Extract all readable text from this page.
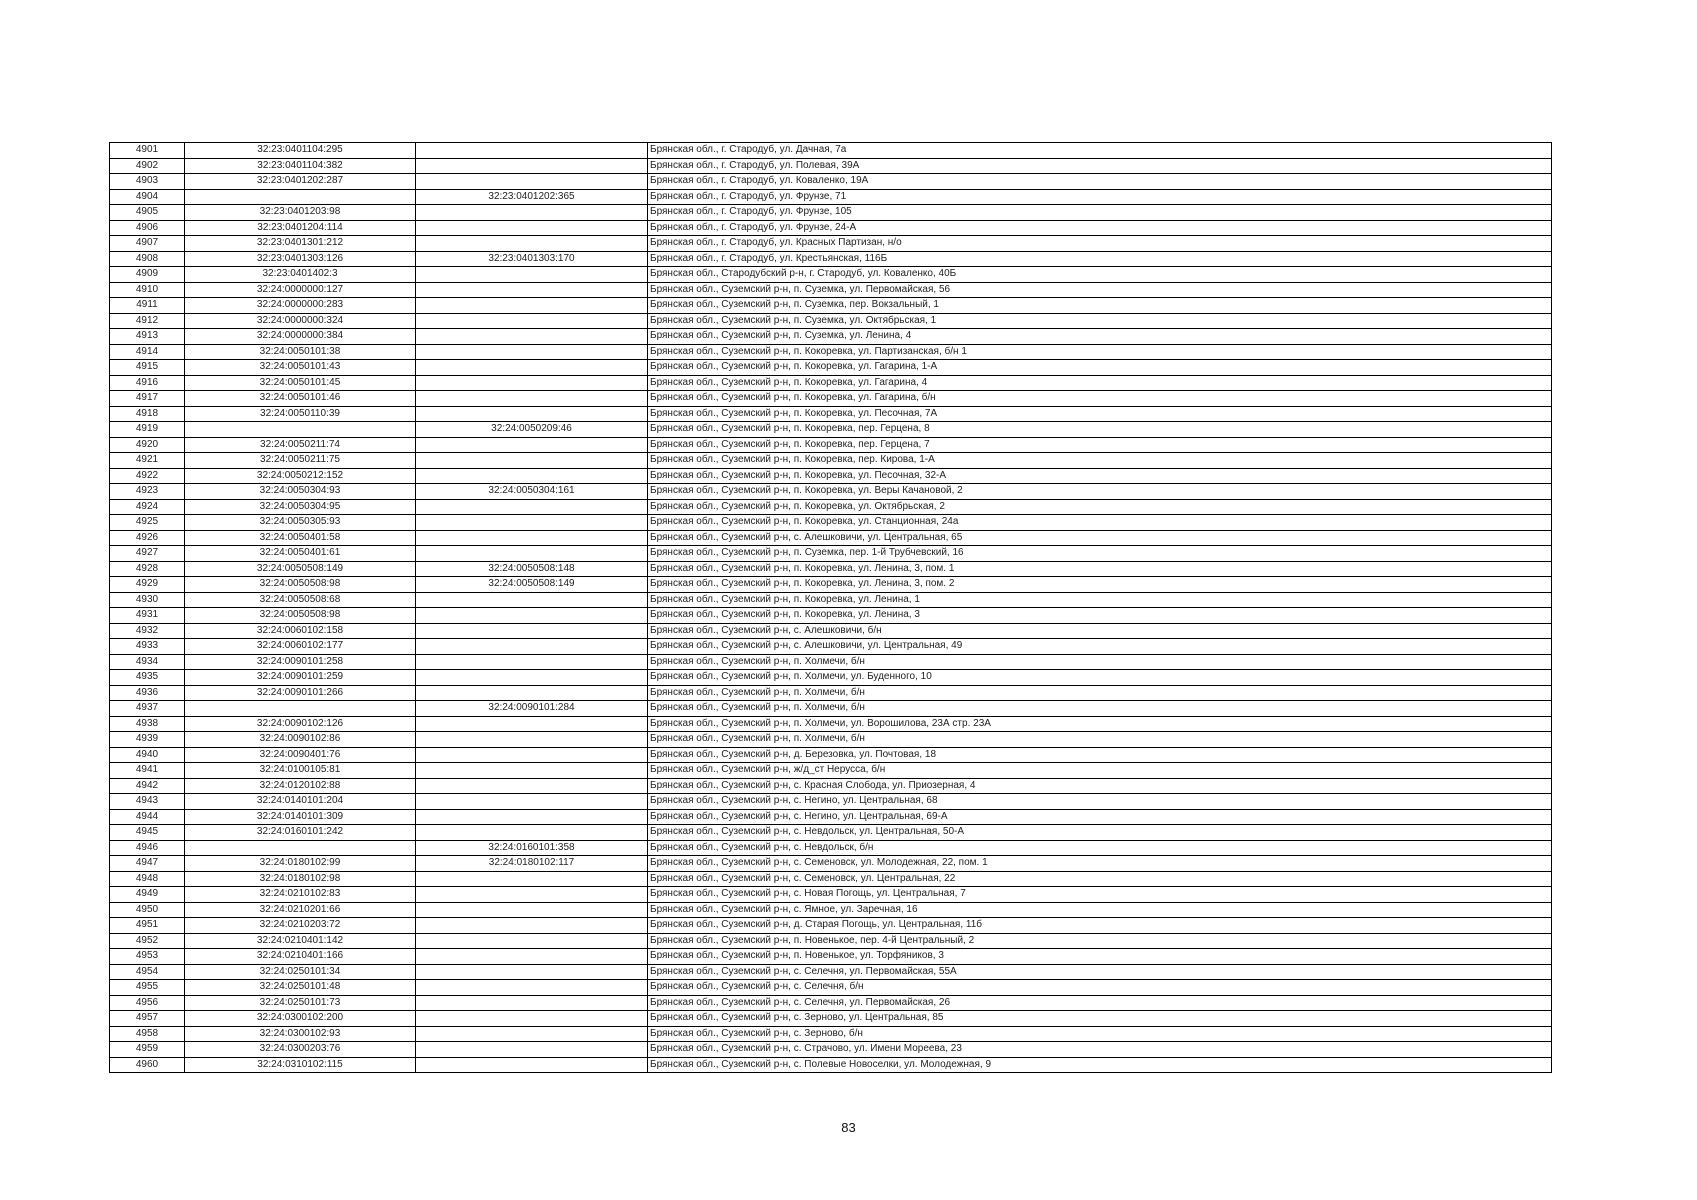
4901	32:23:0401104:295		Брянская обл., г. Стародуб, ул. Дачная, 7а
4902	32:23:0401104:382		Брянская обл., г. Стародуб, ул. Полевая, 39А
4903	32:23:0401202:287		Брянская обл., г. Стародуб, ул. Коваленко, 19А
4904		32:23:0401202:365	Брянская обл., г. Стародуб, ул. Фрунзе, 71
4905	32:23:0401203:98		Брянская обл., г. Стародуб, ул. Фрунзе, 105
4906	32:23:0401204:114		Брянская обл., г. Стародуб, ул. Фрунзе, 24-А
4907	32:23:0401301:212		Брянская обл., г. Стародуб, ул. Красных Партизан, н/о
4908	32:23:0401303:126	32:23:0401303:170	Брянская обл., г. Стародуб, ул. Крестьянская, 116Б
4909	32:23:0401402:3		Брянская обл., Стародубский р-н, г. Стародуб, ул. Коваленко, 40Б
4910	32:24:0000000:127		Брянская обл., Суземский р-н, п. Суземка, ул. Первомайская, 56
4911	32:24:0000000:283		Брянская обл., Суземский р-н, п. Суземка, пер. Вокзальный, 1
4912	32:24:0000000:324		Брянская обл., Суземский р-н, п. Суземка, ул. Октябрьская, 1
4913	32:24:0000000:384		Брянская обл., Суземский р-н, п. Суземка, ул. Ленина, 4
4914	32:24:0050101:38		Брянская обл., Суземский р-н, п. Кокоревка, ул. Партизанская, б/н 1
4915	32:24:0050101:43		Брянская обл., Суземский р-н, п. Кокоревка, ул. Гагарина, 1-А
4916	32:24:0050101:45		Брянская обл., Суземский р-н, п. Кокоревка, ул. Гагарина, 4
4917	32:24:0050101:46		Брянская обл., Суземский р-н, п. Кокоревка, ул. Гагарина, б/н
4918	32:24:0050110:39		Брянская обл., Суземский р-н, п. Кокоревка, ул. Песочная, 7А
4919		32:24:0050209:46	Брянская обл., Суземский р-н, п. Кокоревка, пер. Герцена, 8
4920	32:24:0050211:74		Брянская обл., Суземский р-н, п. Кокоревка, пер. Герцена, 7
4921	32:24:0050211:75		Брянская обл., Суземский р-н, п. Кокоревка, пер. Кирова, 1-А
4922	32:24:0050212:152		Брянская обл., Суземский р-н, п. Кокоревка, ул. Песочная, 32-А
4923	32:24:0050304:93	32:24:0050304:161	Брянская обл., Суземский р-н, п. Кокоревка, ул. Веры Качановой, 2
4924	32:24:0050304:95		Брянская обл., Суземский р-н, п. Кокоревка, ул. Октябрьская, 2
4925	32:24:0050305:93		Брянская обл., Суземский р-н, п. Кокоревка, ул. Станционная, 24а
4926	32:24:0050401:58		Брянская обл., Суземский р-н, с. Алешковичи, ул. Центральная, 65
4927	32:24:0050401:61		Брянская обл., Суземский р-н, п. Суземка, пер. 1-й Трубчевский, 16
4928	32:24:0050508:149	32:24:0050508:148	Брянская обл., Суземский р-н, п. Кокоревка, ул. Ленина, 3, пом. 1
4929	32:24:0050508:98	32:24:0050508:149	Брянская обл., Суземский р-н, п. Кокоревка, ул. Ленина, 3, пом. 2
4930	32:24:0050508:68		Брянская обл., Суземский р-н, п. Кокоревка, ул. Ленина, 1
4931	32:24:0050508:98		Брянская обл., Суземский р-н, п. Кокоревка, ул. Ленина, 3
4932	32:24:0060102:158		Брянская обл., Суземский р-н, с. Алешковичи, б/н
4933	32:24:0060102:177		Брянская обл., Суземский р-н, с. Алешковичи, ул. Центральная, 49
4934	32:24:0090101:258		Брянская обл., Суземский р-н, п. Холмечи, б/н
4935	32:24:0090101:259		Брянская обл., Суземский р-н, п. Холмечи, ул. Буденного, 10
4936	32:24:0090101:266		Брянская обл., Суземский р-н, п. Холмечи, б/н
4937		32:24:0090101:284	Брянская обл., Суземский р-н, п. Холмечи, б/н
4938	32:24:0090102:126		Брянская обл., Суземский р-н, п. Холмечи, ул. Ворошилова, 23А стр. 23А
4939	32:24:0090102:86		Брянская обл., Суземский р-н, п. Холмечи, б/н
4940	32:24:0090401:76		Брянская обл., Суземский р-н, д. Березовка, ул. Почтовая, 18
4941	32:24:0100105:81		Брянская обл., Суземский р-н, ж/д_ст Нерусса, б/н
4942	32:24:0120102:88		Брянская обл., Суземский р-н, с. Красная Слобода, ул. Приозерная, 4
4943	32:24:0140101:204		Брянская обл., Суземский р-н, с. Негино, ул. Центральная, 68
4944	32:24:0140101:309		Брянская обл., Суземский р-н, с. Негино, ул. Центральная, 69-А
4945	32:24:0160101:242		Брянская обл., Суземский р-н, с. Невдольск, ул. Центральная, 50-А
4946		32:24:0160101:358	Брянская обл., Суземский р-н, с. Невдольск, б/н
4947	32:24:0180102:99	32:24:0180102:117	Брянская обл., Суземский р-н, с. Семеновск, ул. Молодежная, 22, пом. 1
4948	32:24:0180102:98		Брянская обл., Суземский р-н, с. Семеновск, ул. Центральная, 22
4949	32:24:0210102:83		Брянская обл., Суземский р-н, с. Новая Погощь, ул. Центральная, 7
4950	32:24:0210201:66		Брянская обл., Суземский р-н, с. Ямное, ул. Заречная, 16
4951	32:24:0210203:72		Брянская обл., Суземский р-н, д. Старая Погощь, ул. Центральная, 11б
4952	32:24:0210401:142		Брянская обл., Суземский р-н, п. Новенькое, пер. 4-й Центральный, 2
4953	32:24:0210401:166		Брянская обл., Суземский р-н, п. Новенькое, ул. Торфяников, 3
4954	32:24:0250101:34		Брянская обл., Суземский р-н, с. Селечня, ул. Первомайская, 55А
4955	32:24:0250101:48		Брянская обл., Суземский р-н, с. Селечня, б/н
4956	32:24:0250101:73		Брянская обл., Суземский р-н, с. Селечня, ул. Первомайская, 26
4957	32:24:0300102:200		Брянская обл., Суземский р-н, с. Зерново, ул. Центральная, 85
4958	32:24:0300102:93		Брянская обл., Суземский р-н, с. Зерново, б/н
4959	32:24:0300203:76		Брянская обл., Суземский р-н, с. Страчово, ул. Имени Мореева, 23
4960	32:24:0310102:115		Брянская обл., Суземский р-н, с. Полевые Новоселки, ул. Молодежная, 9
83
